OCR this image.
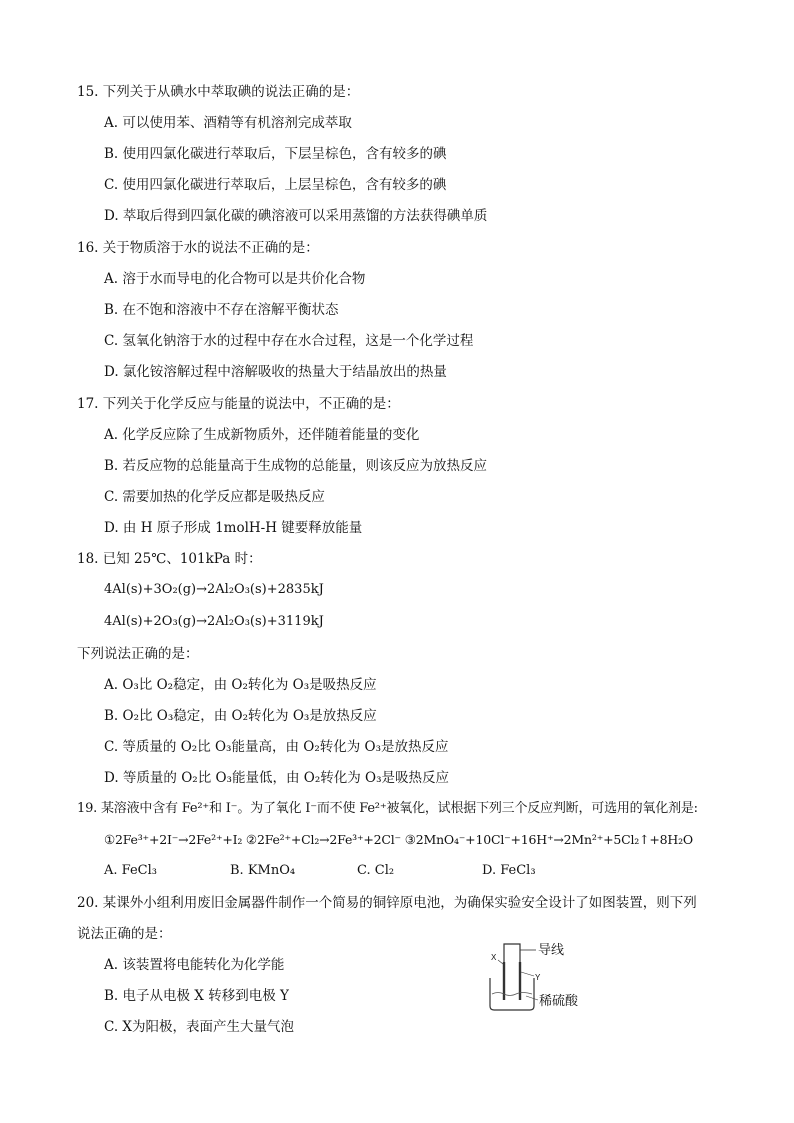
15. 下列关于从碘水中萃取碘的说法正确的是：
A. 可以使用苯、酒精等有机溶剂完成萃取
B. 使用四氯化碳进行萃取后，下层呈棕色，含有较多的碘
C. 使用四氯化碳进行萃取后，上层呈棕色，含有较多的碘
D. 萃取后得到四氯化碳的碘溶液可以采用蒸馏的方法获得碘单质
16. 关于物质溶于水的说法不正确的是：
A. 溶于水而导电的化合物可以是共价化合物
B. 在不饱和溶液中不存在溶解平衡状态
C. 氢氧化钠溶于水的过程中存在水合过程，这是一个化学过程
D. 氯化铵溶解过程中溶解吸收的热量大于结晶放出的热量
17. 下列关于化学反应与能量的说法中，不正确的是：
A. 化学反应除了生成新物质外，还伴随着能量的变化
B. 若反应物的总能量高于生成物的总能量，则该反应为放热反应
C. 需要加热的化学反应都是吸热反应
D. 由 H 原子形成 1molH-H 键要释放能量
18. 已知 25℃、101kPa 时：
4Al(s)+3O₂(g)→2Al₂O₃(s)+2835kJ
4Al(s)+2O₃(g)→2Al₂O₃(s)+3119kJ
下列说法正确的是：
A. O₃比 O₂稳定，由 O₂转化为 O₃是吸热反应
B. O₂比 O₃稳定，由 O₂转化为 O₃是放热反应
C. 等质量的 O₂比 O₃能量高，由 O₂转化为 O₃是放热反应
D. 等质量的 O₂比 O₃能量低，由 O₂转化为 O₃是吸热反应
19. 某溶液中含有 Fe²⁺和 I⁻。为了氧化 I⁻而不使 Fe²⁺被氧化，试根据下列三个反应判断，可选用的氧化剂是:
①2Fe³⁺+2I⁻→2Fe²⁺+I₂ ②2Fe²⁺+Cl₂→2Fe³⁺+2Cl⁻ ③2MnO₄⁻+10Cl⁻+16H⁺→2Mn²⁺+5Cl₂↑+8H₂O
A. FeCl₃	B. KMnO₄	C. Cl₂	D. FeCl₃
20. 某课外小组利用废旧金属器件制作一个简易的铜锌原电池，为确保实验安全设计了如图装置，则下列
说法正确的是：
A. 该装置将电能转化为化学能
B. 电子从电极 X 转移到电极 Y
C. X为阳极，表面产生大量气泡
导线
X
Y
稀硫酸
